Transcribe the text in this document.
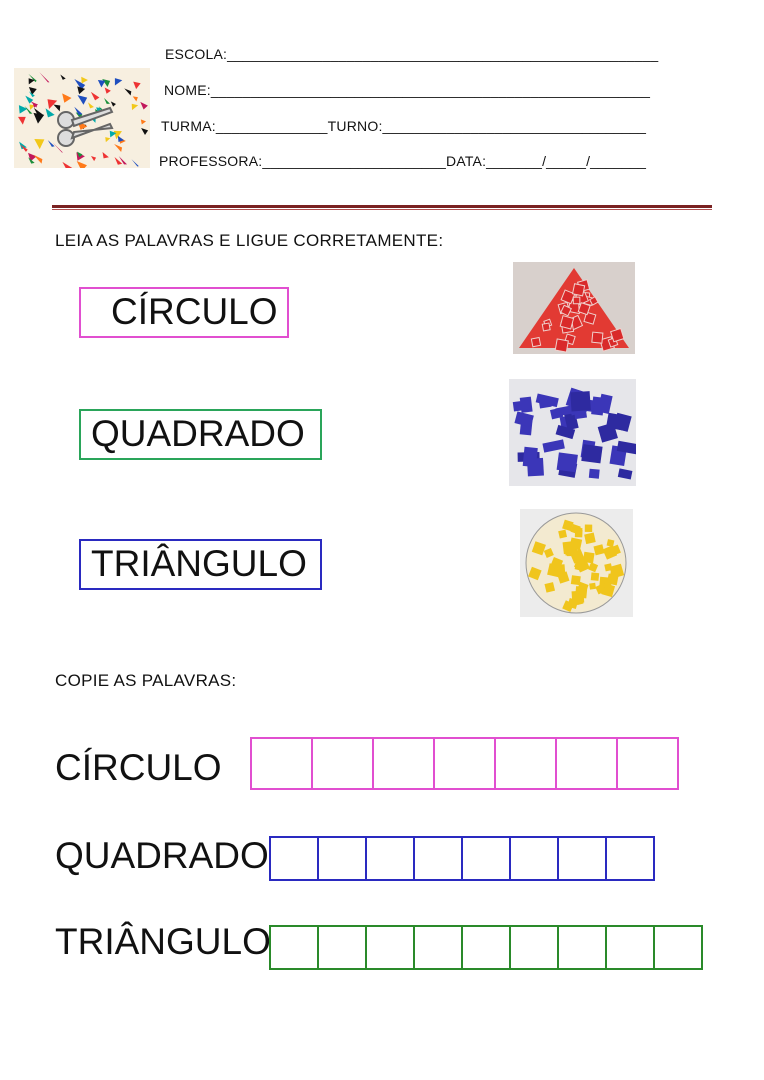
ESCOLA:______________________________________________________
NOME:_______________________________________________________
TURMA:______________TURNO:_________________________________
PROFESSORA:_______________________DATA:_______/_____/_______
LEIA AS PALAVRAS E LIGUE CORRETAMENTE:
CÍRCULO
QUADRADO
TRIÂNGULO
COPIE AS PALAVRAS:
CÍRCULO
QUADRADO
TRIÂNGULO
